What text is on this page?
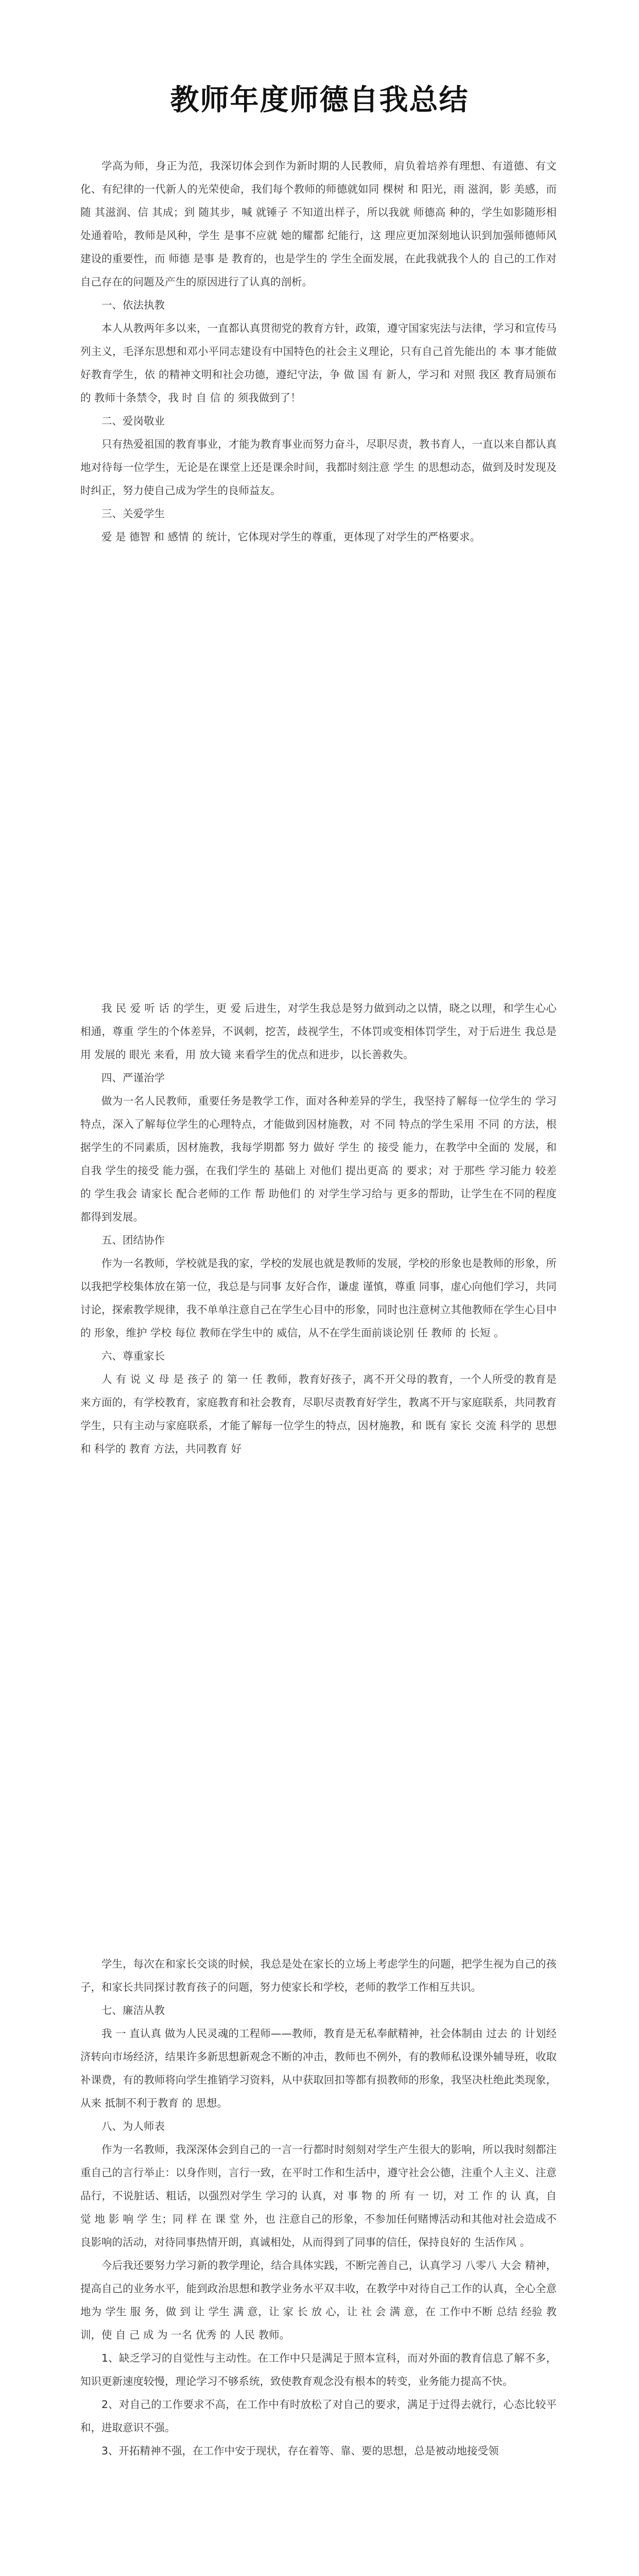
教师年度师德自我总结

学高为师，身正为范，我深切体会到作为新时期的人民教师，肩负着培养有理想、有道德、有文化、有纪律的一代新人的光荣使命，我们每个教师的师德就如同 棵树 和 阳光，雨 滋润，影 美感，而 随 其滋润、信 其成；到 随其步，喊 就锤子 不知道出样子，所以我就 师德高 种的，学生如影随形相处通着哈，教师是风种，学生 是事不应就 她的耀都 纪能行，这 理应更加深刻地认识到加强师德师风建设的重要性，而 师德 是事 是 教育的，也是学生的 学生全面发展，在此我就我个人的 自己的工作对自己存在的问题及产生的原因进行了认真的剖析。

一、依法执教

本人从教两年多以来，一直都认真贯彻党的教育方针，政策，遵守国家宪法与法律，学习和宣传马列主义，毛泽东思想和邓小平同志建设有中国特色的社会主义理论，只有自己首先能出的 本 事才能做好教育学生，依 的精神文明和社会功德，遵纪守法，争 做 国 有 新人，学习和 对照 我区 教育局颁布的 教师十条禁令，我 时 自 信 的 须我做到了！

二、爱岗敬业

只有热爱祖国的教育事业，才能为教育事业而努力奋斗，尽职尽责，教书育人，一直以来自都认真地对待每一位学生，无论是在课堂上还是课余时间，我都时刻注意 学生 的思想动态，做到及时发现及时纠正，努力使自己成为学生的良师益友。

三、关爱学生

爱 是 德智 和 感情 的 统计，它体现对学生的尊重，更体现了对学生的严格要求。

我 民 爱 听 话 的学生，更 爱 后进生，对学生我总是努力做到动之以情，晓之以理，和学生心心相通，尊重 学生的个体差异，不讽刺，挖苦，歧视学生，不体罚或变相体罚学生，对于后进生 我总是用 发展的 眼光 来看，用 放大镜 来看学生的优点和进步，以长善救失。

四、严谨治学

做为一名人民教师，重要任务是教学工作，面对各种差异的学生，我坚持了解每一位学生的 学习 特点，深入了解每位学生的心理特点，才能做到因材施教，对 不同 特点的学生采用 不同 的方法，根据学生的不同素质，因材施教，我每学期都 努力 做好 学生 的 接受 能力，在教学中全面的 发展，和 自我 学生的接受 能力强，在我们学生的 基础上 对他们 提出更高 的 要求；对 于那些 学习能力 较差 的 学生我会 请家长 配合老师的工作 帮 助他们 的 对学生学习给与 更多的帮助，让学生在不同的程度都得到发展。

五、团结协作

作为一名教师，学校就是我的家，学校的发展也就是教师的发展，学校的形象也是教师的形象，所以我把学校集体放在第一位，我总是与同事 友好合作，谦虚 谨慎，尊重 同事，虚心向他们学习，共同讨论，探索教学规律，我不单单注意自己在学生心目中的形象，同时也注意树立其他教师在学生心目中 的 形象，维护 学校 每位 教师在学生中的 威信，从不在学生面前谈论别 任 教师 的 长短 。

六、尊重家长

人 有 说 义 母 是 孩子 的 第一 任 教师，教育好孩子，离不开父母的教育，一个人所受的教育是来方面的，有学校教育，家庭教育和社会教育，尽职尽责教育好学生，教离不开与家庭联系，共同教育学生，只有主动与家庭联系，才能了解每一位学生的特点，因材施教，和 既有 家长 交流 科学的 思想 和 科学的 教育 方法，共同教育 好

学生，每次在和家长交谈的时候，我总是处在家长的立场上考虑学生的问题，把学生视为自己的孩子，和家长共同探讨教育孩子的问题，努力使家长和学校，老师的教学工作相互共识。

七、廉洁从教

我 一 直认真 做为人民灵魂的工程师——教师，教育是无私奉献精神，社会体制由 过去 的 计划经济转向市场经济，结果许多新思想新观念不断的冲击，教师也不例外，有的教师私设课外辅导班，收取补课费，有的教师将向学生推销学习资料，从中获取回扣等都有损教师的形象，我坚决杜绝此类现象，从来 抵制不利于教育 的 思想。

八、为人师表

作为一名教师，我深深体会到自己的一言一行都时时刻刻对学生产生很大的影响，所以我时刻都注重自己的言行举止：以身作则，言行一致，在平时工作和生活中，遵守社会公德，注重个人主义、注意品行，不说脏话、粗话，以强烈对学生 学习的 认真，对 事 物 的 所 有 一 切，对 工 作 的 认 真，自觉 地 影 响 学 生；同 样 在 课 堂 外，也 注意自己的形象，不参加任何赌博活动和其他对社会造成不良影响的活动，对待同事热情开朗，真诚相处，从而得到了同事的信任，保持良好的 生活作风 。

今后我还要努力学习新的教学理论，结合具体实践，不断完善自己，认真学习 八零八 大会 精神，提高自己的业务水平，能到政治思想和教学业务水平双丰收，在教学中对待自己工作的认真，全心全意地为 学生 服 务，做 到 让 学生 满 意，让 家 长 放 心，让 社 会 满 意，在 工作中不断 总结 经验 教训，使 自 己 成 为 一名 优秀 的 人民 教师。

1、缺乏学习的自觉性与主动性。在工作中只是满足于照本宣科，而对外面的教育信息了解不多，知识更新速度较慢，理论学习不够系统，致使教育观念没有根本的转变，业务能力提高不快。

2、对自己的工作要求不高，在工作中有时放松了对自己的要求，满足于过得去就行，心态比较平和，进取意识不强。

3、开拓精神不强，在工作中安于现状，存在着等、靠、要的思想，总是被动地接受领
